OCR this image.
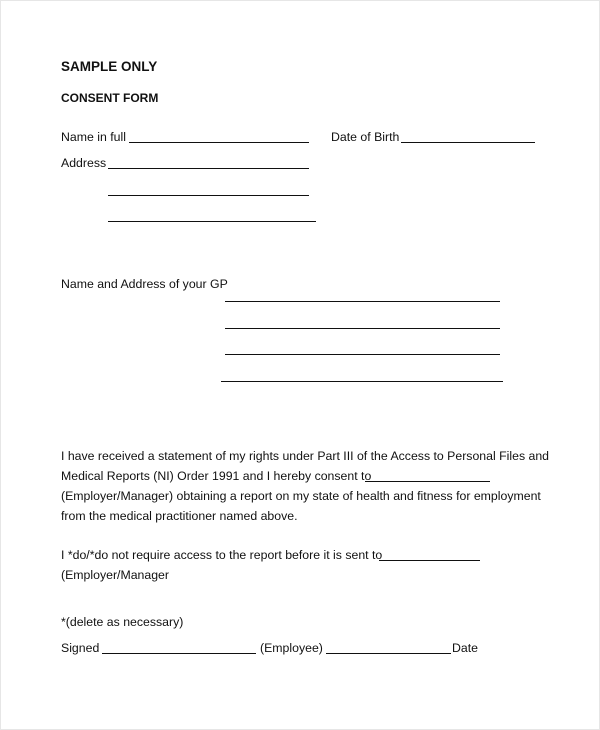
SAMPLE ONLY
CONSENT FORM
Name in full	Date of Birth
Address
Name and Address of your GP
I have received a statement of my rights under Part III of the Access to Personal Files and
Medical Reports (NI) Order 1991 and I hereby consent to
(Employer/Manager) obtaining a report on my state of health and fitness for employment
from the medical practitioner named above.
I *do/*do not require access to the report before it is sent to
(Employer/Manager
*(delete as necessary)
Signed	(Employee)	Date
